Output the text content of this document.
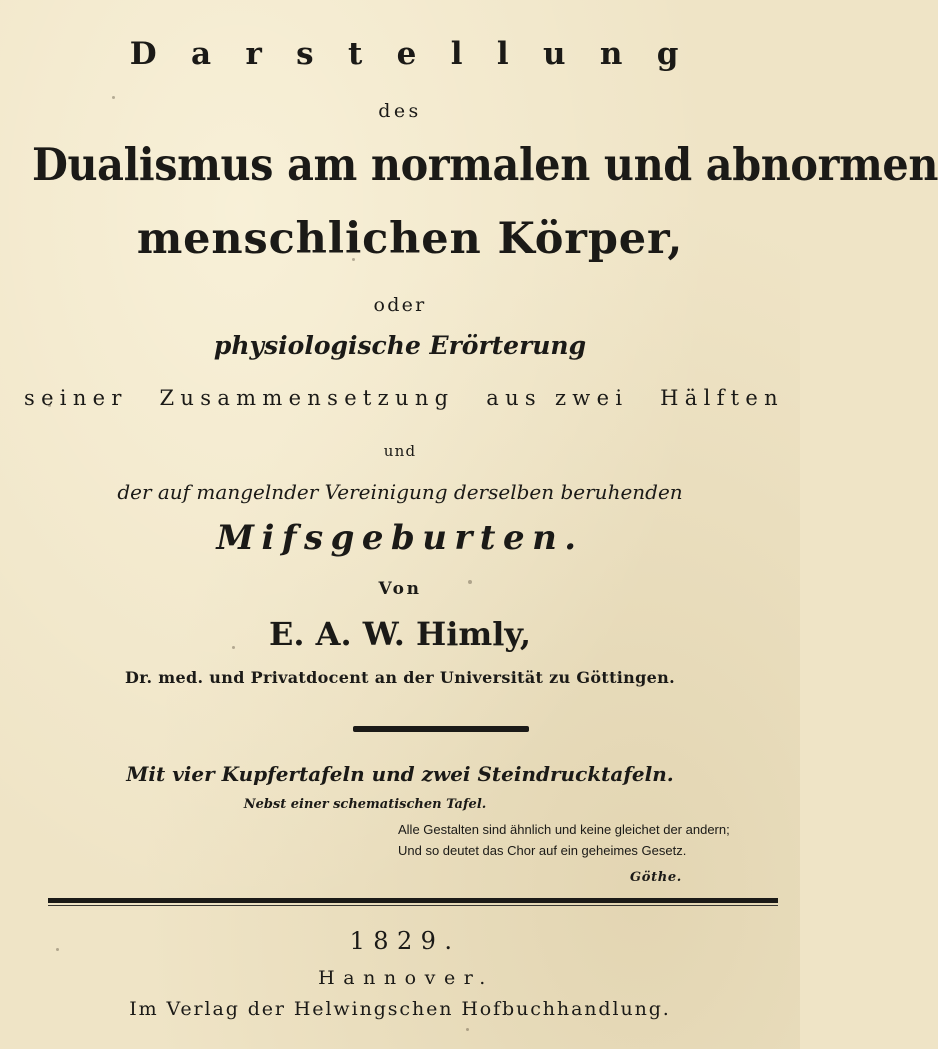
D a r s t e l l u n g
des
Dualismus am normalen und abnormen
menschlichen Körper,
oder
physiologische Erörterung
seiner Zusammensetzung aus zwei Hälften
und
der auf mangelnder Vereinigung derselben beruhenden
Mifsgeburten.
Von
E. A. W. Himly,
Dr. med. und Privatdocent an der Universität zu Göttingen.
Mit vier Kupfertafeln und zwei Steindrucktafeln.
Nebst einer schematischen Tafel.
Alle Gestalten sind ähnlich und keine gleichet der andern;
Und so deutet das Chor auf ein geheimes Gesetz.
Göthe.
1829.
Hannover.
Im Verlag der Helwingschen Hofbuchhandlung.
